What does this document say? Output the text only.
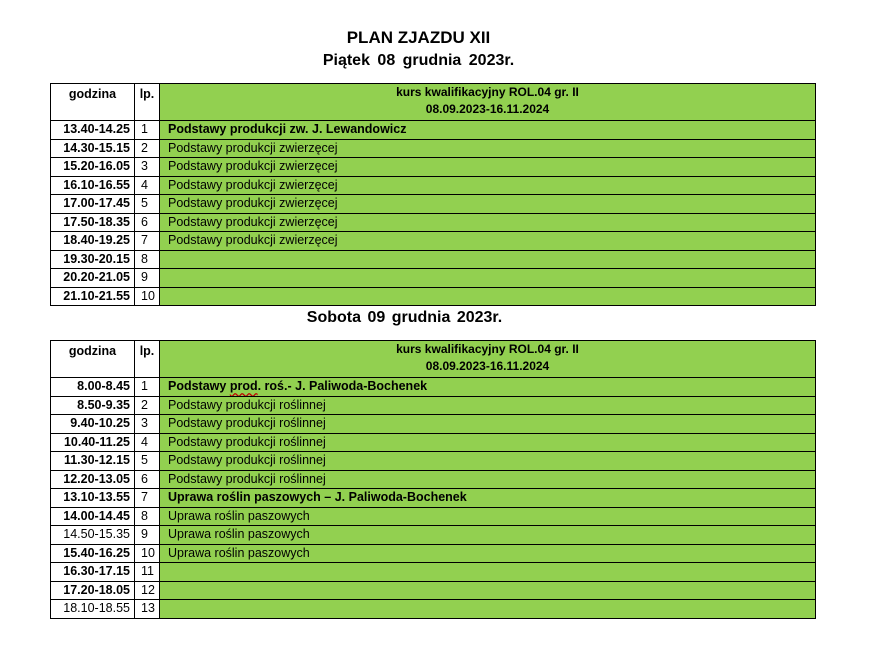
PLAN ZJAZDU XII
Piątek 08 grudnia 2023r.
godzina	lp.	kurs kwalifikacyjny ROL.04 gr. II
08.09.2023-16.11.2024

13.40-14.25	1	Podstawy produkcji zw. J. Lewandowicz
14.30-15.15	2	Podstawy produkcji zwierzęcej
15.20-16.05	3	Podstawy produkcji zwierzęcej
16.10-16.55	4	Podstawy produkcji zwierzęcej
17.00-17.45	5	Podstawy produkcji zwierzęcej
17.50-18.35	6	Podstawy produkcji zwierzęcej
18.40-19.25	7	Podstawy produkcji zwierzęcej
19.30-20.15	8	
20.20-21.05	9	
21.10-21.55	10	
Sobota 09 grudnia 2023r.
godzina	lp.	kurs kwalifikacyjny ROL.04 gr. II
08.09.2023-16.11.2024

8.00-8.45	1	Podstawy prod. roś.- J. Paliwoda-Bochenek
8.50-9.35	2	Podstawy produkcji roślinnej
9.40-10.25	3	Podstawy produkcji roślinnej
10.40-11.25	4	Podstawy produkcji roślinnej
11.30-12.15	5	Podstawy produkcji roślinnej
12.20-13.05	6	Podstawy produkcji roślinnej
13.10-13.55	7	Uprawa roślin paszowych – J. Paliwoda-Bochenek
14.00-14.45	8	Uprawa roślin paszowych
14.50-15.35	9	Uprawa roślin paszowych
15.40-16.25	10	Uprawa roślin paszowych
16.30-17.15	11	
17.20-18.05	12	
18.10-18.55	13	
